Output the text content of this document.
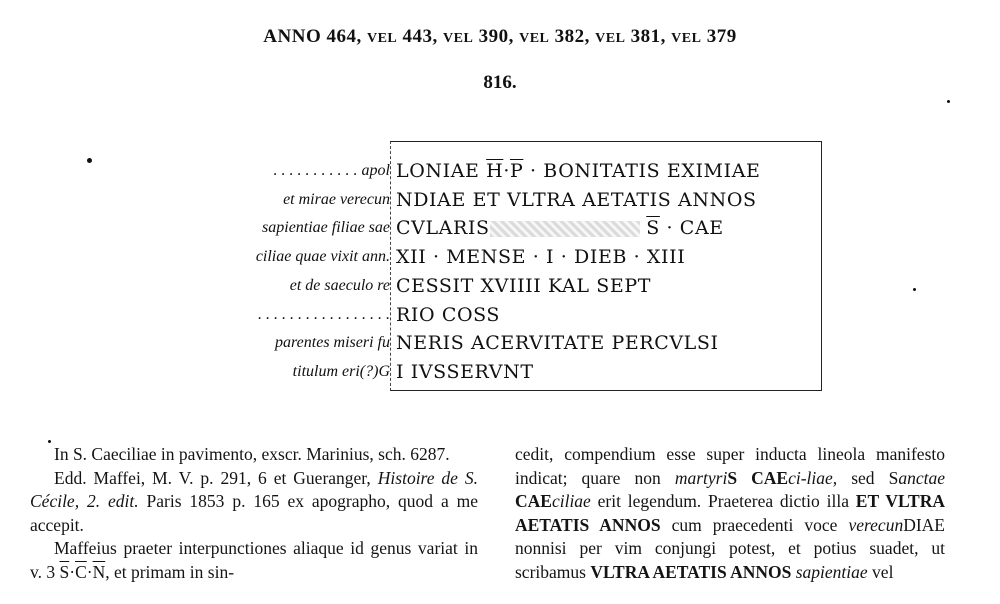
ANNO 464, VEL 443, VEL 390, VEL 382, VEL 381, VEL 379
816.
. . . . . . . . . . . apol
et mirae verecun
sapientiae filiae sae
ciliae quae vixit ann.
et de saeculo re
. . . . . . . . . . . . . . . . .
parentes miseri fu
titulum eri(?)G
LONIAE $\overline{H}\cdot\overline{P}$ · BONITATIS EXIMIAE
NDIAE ET VLTRA AETATIS ANNOS
CVLARIS	$\overline{S}$ · CAE
XII · MENSE · I · DIEB · XIII
CESSIT XVIIII KAL SEPT
RIO COSS
NERIS ACERVITATE PERCVLSI
I IVSSERVNT

In S. Caeciliae in pavimento, exscr. Marinius, sch. 6287.

Edd. Maffei, M. V. p. 291, 6 et Gueranger, Histoire de S. Cécile, 2. edit. Paris 1853 p. 165 ex apographo, quod a me accepit.

Maffeius praeter interpunctiones aliaque id genus variat in v. 3 $\overline{S}\cdot\overline{C}\cdot\overline{N}$, et primam in sin-

cedit, compendium esse super inducta lineola manifesto indicat; quare non martyriS CAEci-liae, sed Sanctae CAEciliae erit legendum. Praeterea dictio illa ET VLTRA AETATIS ANNOS cum praecedenti voce verecunDIAE nonnisi per vim conjungi potest, et potius suadet, ut scribamus VLTRA AETATIS ANNOS sapientiae vel
